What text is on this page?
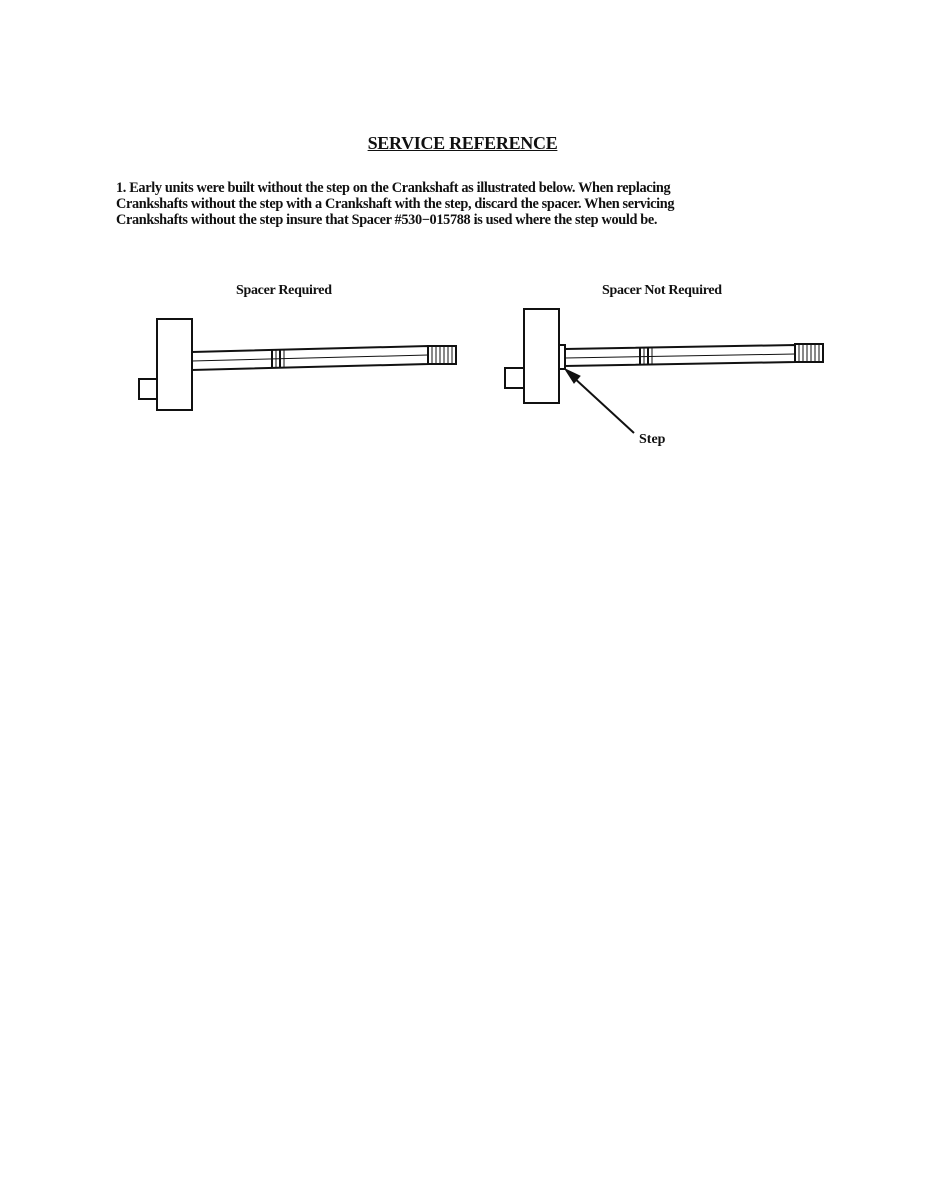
SERVICE REFERENCE
1. Early units were built without the step on the Crankshaft as illustrated below. When replacing
Crankshafts without the step with a Crankshaft with the step, discard the spacer. When servicing
Crankshafts without the step insure that Spacer #530−015788 is used where the step would be.
Spacer Required	Spacer Not Required
Step
